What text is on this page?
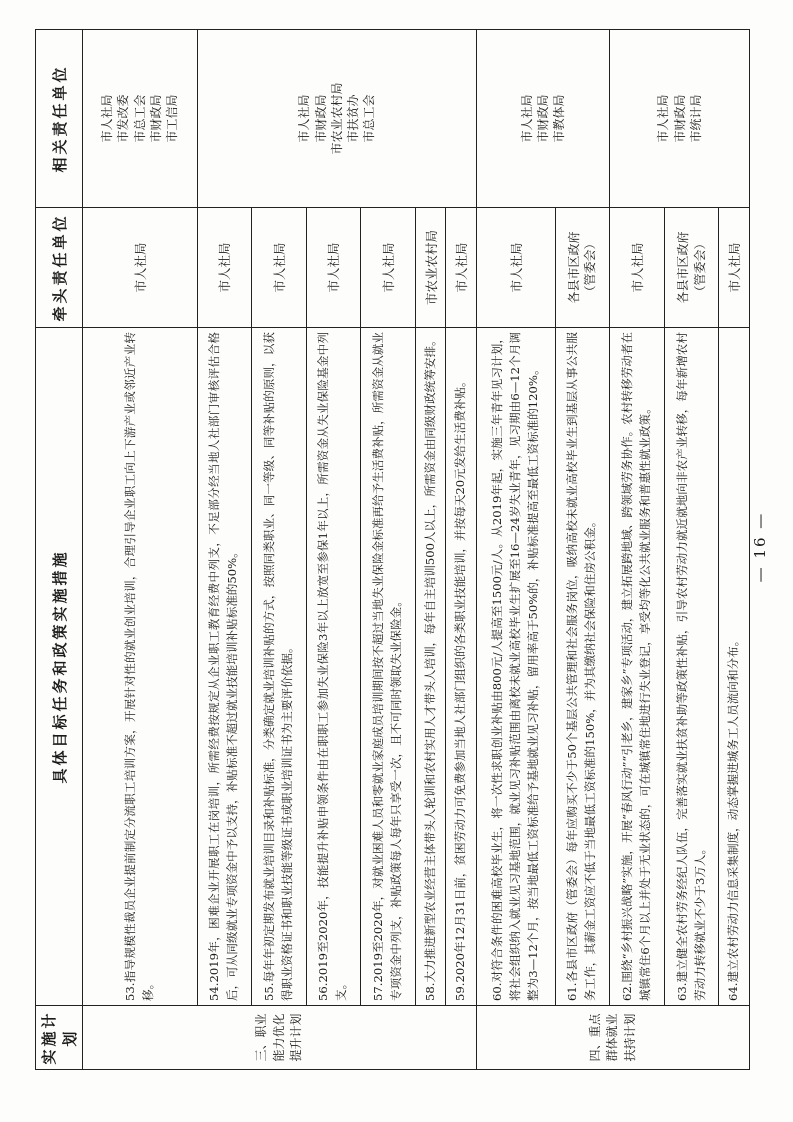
实施计划	具体目标任务和政策实施措施	牵头责任单位	相关责任单位
三、职业能力优化提升计划	53.指导规模性裁员企业提前制定分流职工培训方案，开展针对性的就业创业培训，合理引导企业职工向上下游产业或邻近产业转移。	市人社局	市人社局
市发改委
市总工会
市财政局
市工信局
	54.2019年，困难企业开展职工在岗培训，所需经费按规定从企业职工教育经费中列支，不足部分经当地人社部门审核评估合格后，可从同级就业专项资金中予以支持，补贴标准不超过就业技能培训补贴标准的50%。	市人社局	市人社局
市财政局
市农业农村局
市扶贫办
市总工会
	55.每年年初定期发布就业培训目录和补贴标准，分类确定就业培训补贴的方式，按照同类职业、同一等级、同等补贴的原则，以获得职业资格证书和职业技能等级证书或职业培训证书为主要评价依据。	市人社局	
	56.2019至2020年，技能提升补贴申领条件由在职职工参加失业保险3年以上放宽至参保1年以上，所需资金从失业保险基金中列支。	市人社局	
	57.2019至2020年，对就业困难人员和零就业家庭成员培训期间按不超过当地失业保险金标准再给予生活费补贴，所需资金从就业专项资金中列支，补贴政策每人每年只享受一次，且不可同时领取失业保险金。	市人社局	
	58.大力推进新型农业经营主体带头人轮训和农村实用人才带头人培训，每年自主培训500人以上，所需资金由同级财政统筹安排。	市农业农村局	
	59.2020年12月31日前，贫困劳动力可免费参加当地人社部门组织的各类职业技能培训，并按每天20元发给生活费补贴。	市人社局	
四、重点群体就业扶持计划	60.对符合条件的困难高校毕业生，将一次性求职创业补贴由800元/人提高至1500元/人。从2019年起，实施三年青年见习计划，将社会组织纳入就业见习基地范围，就业见习补贴范围由离校未就业高校毕业生扩展至16—24岁失业青年，见习期由6—12个月调整为3—12个月，按当地最低工资标准给予基地就业见习补贴，留用率高于50%的，补贴标准提高至最低工资标准的120%。	市人社局	市人社局
市财政局
市教体局
	61.各县市区政府（管委会）每年应购买不少于50个基层公共管理和社会服务岗位，吸纳高校未就业高校毕业生到基层从事公共服务工作，其薪金工资应不低于当地最低工资标准的150%，并为其缴纳社会保险和住房公积金。	各县市区政府
（管委会）	
	62.围绕“乡村振兴战略”实施，开展“春风行动”“引老乡，建家乡”专项活动，建立拓展跨地域、跨领域劳务协作。农村转移劳动者在城镇常住6个月以上并处于无业状态的，可在城镇常住地进行失业登记，享受均等化公共就业服务和普惠性就业政策。	市人社局	市人社局
市财政局
市统计局
	63.建立健全农村劳务经纪人队伍，完善落实就业扶贫补助等政策性补贴，引导农村劳动力就近就地向非农产业转移，每年新增农村劳动力转移就业不少于3万人。	各县市区政府
（管委会）	
	64.建立农村劳动力信息采集制度，动态掌握进城务工人员流向和分布。	市人社局	
— 16 —
